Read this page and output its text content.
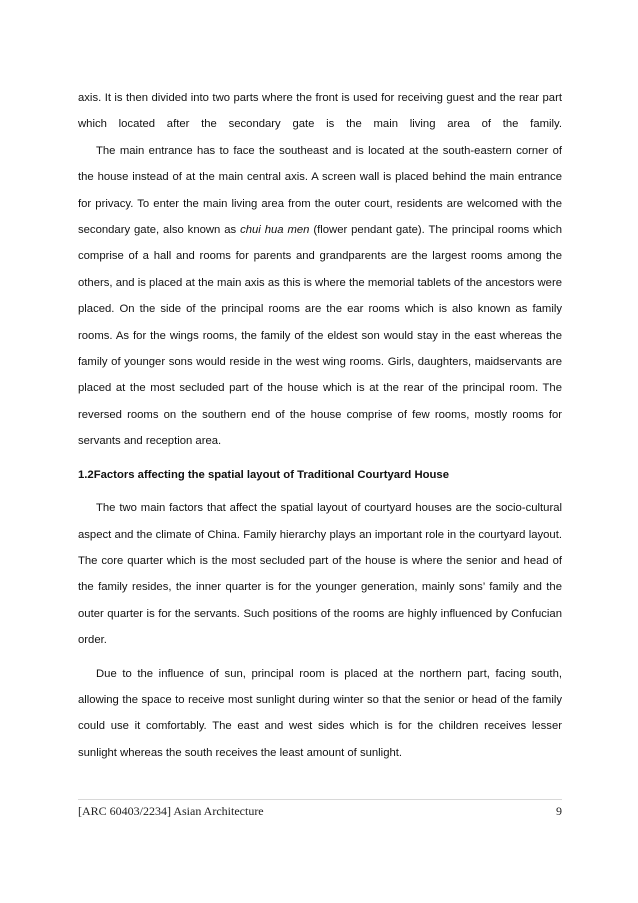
axis. It is then divided into two parts where the front is used for receiving guest and the rear part which located after the secondary gate is the main living area of the family.

The main entrance has to face the southeast and is located at the south-eastern corner of the house instead of at the main central axis. A screen wall is placed behind the main entrance for privacy. To enter the main living area from the outer court, residents are welcomed with the secondary gate, also known as chui hua men (flower pendant gate). The principal rooms which comprise of a hall and rooms for parents and grandparents are the largest rooms among the others, and is placed at the main axis as this is where the memorial tablets of the ancestors were placed. On the side of the principal rooms are the ear rooms which is also known as family rooms. As for the wings rooms, the family of the eldest son would stay in the east whereas the family of younger sons would reside in the west wing rooms. Girls, daughters, maidservants are placed at the most secluded part of the house which is at the rear of the principal room. The reversed rooms on the southern end of the house comprise of few rooms, mostly rooms for servants and reception area.

1.2Factors affecting the spatial layout of Traditional Courtyard House

The two main factors that affect the spatial layout of courtyard houses are the socio-cultural aspect and the climate of China. Family hierarchy plays an important role in the courtyard layout. The core quarter which is the most secluded part of the house is where the senior and head of the family resides, the inner quarter is for the younger generation, mainly sons’ family and the outer quarter is for the servants. Such positions of the rooms are highly influenced by Confucian order.

Due to the influence of sun, principal room is placed at the northern part, facing south, allowing the space to receive most sunlight during winter so that the senior or head of the family could use it comfortably. The east and west sides which is for the children receives lesser sunlight whereas the south receives the least amount of sunlight.

[ARC 60403/2234] Asian Architecture	9
